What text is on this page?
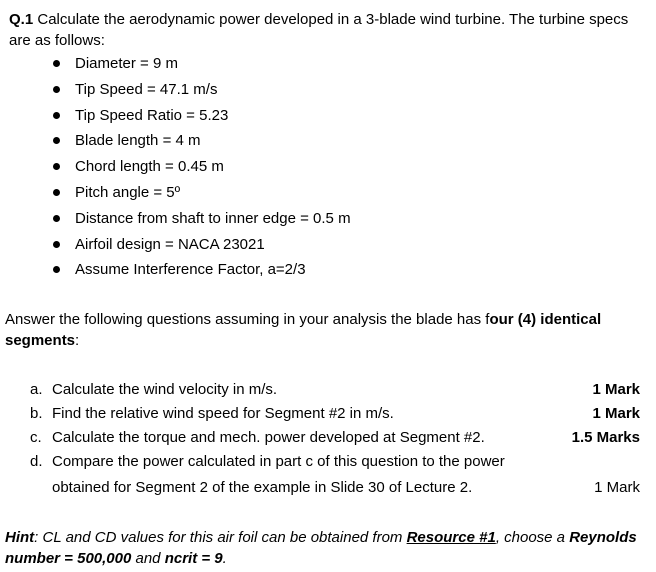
Q.1 Calculate the aerodynamic power developed in a 3-blade wind turbine. The turbine specs are as follows:
Diameter = 9 m
Tip Speed = 47.1 m/s
Tip Speed Ratio = 5.23
Blade length = 4 m
Chord length = 0.45 m
Pitch angle = 5º
Distance from shaft to inner edge = 0.5 m
Airfoil design = NACA 23021
Assume Interference Factor, a=2/3
Answer the following questions assuming in your analysis the blade has four (4) identical segments:
a. Calculate the wind velocity in m/s.	1 Mark
b. Find the relative wind speed for Segment #2 in m/s.	1 Mark
c. Calculate the torque and mech. power developed at Segment #2.	1.5 Marks
d. Compare the power calculated in part c of this question to the power
obtained for Segment 2 of the example in Slide 30 of Lecture 2.	1 Mark
Hint: CL and CD values for this air foil can be obtained from Resource #1, choose a Reynolds number = 500,000 and ncrit = 9.
